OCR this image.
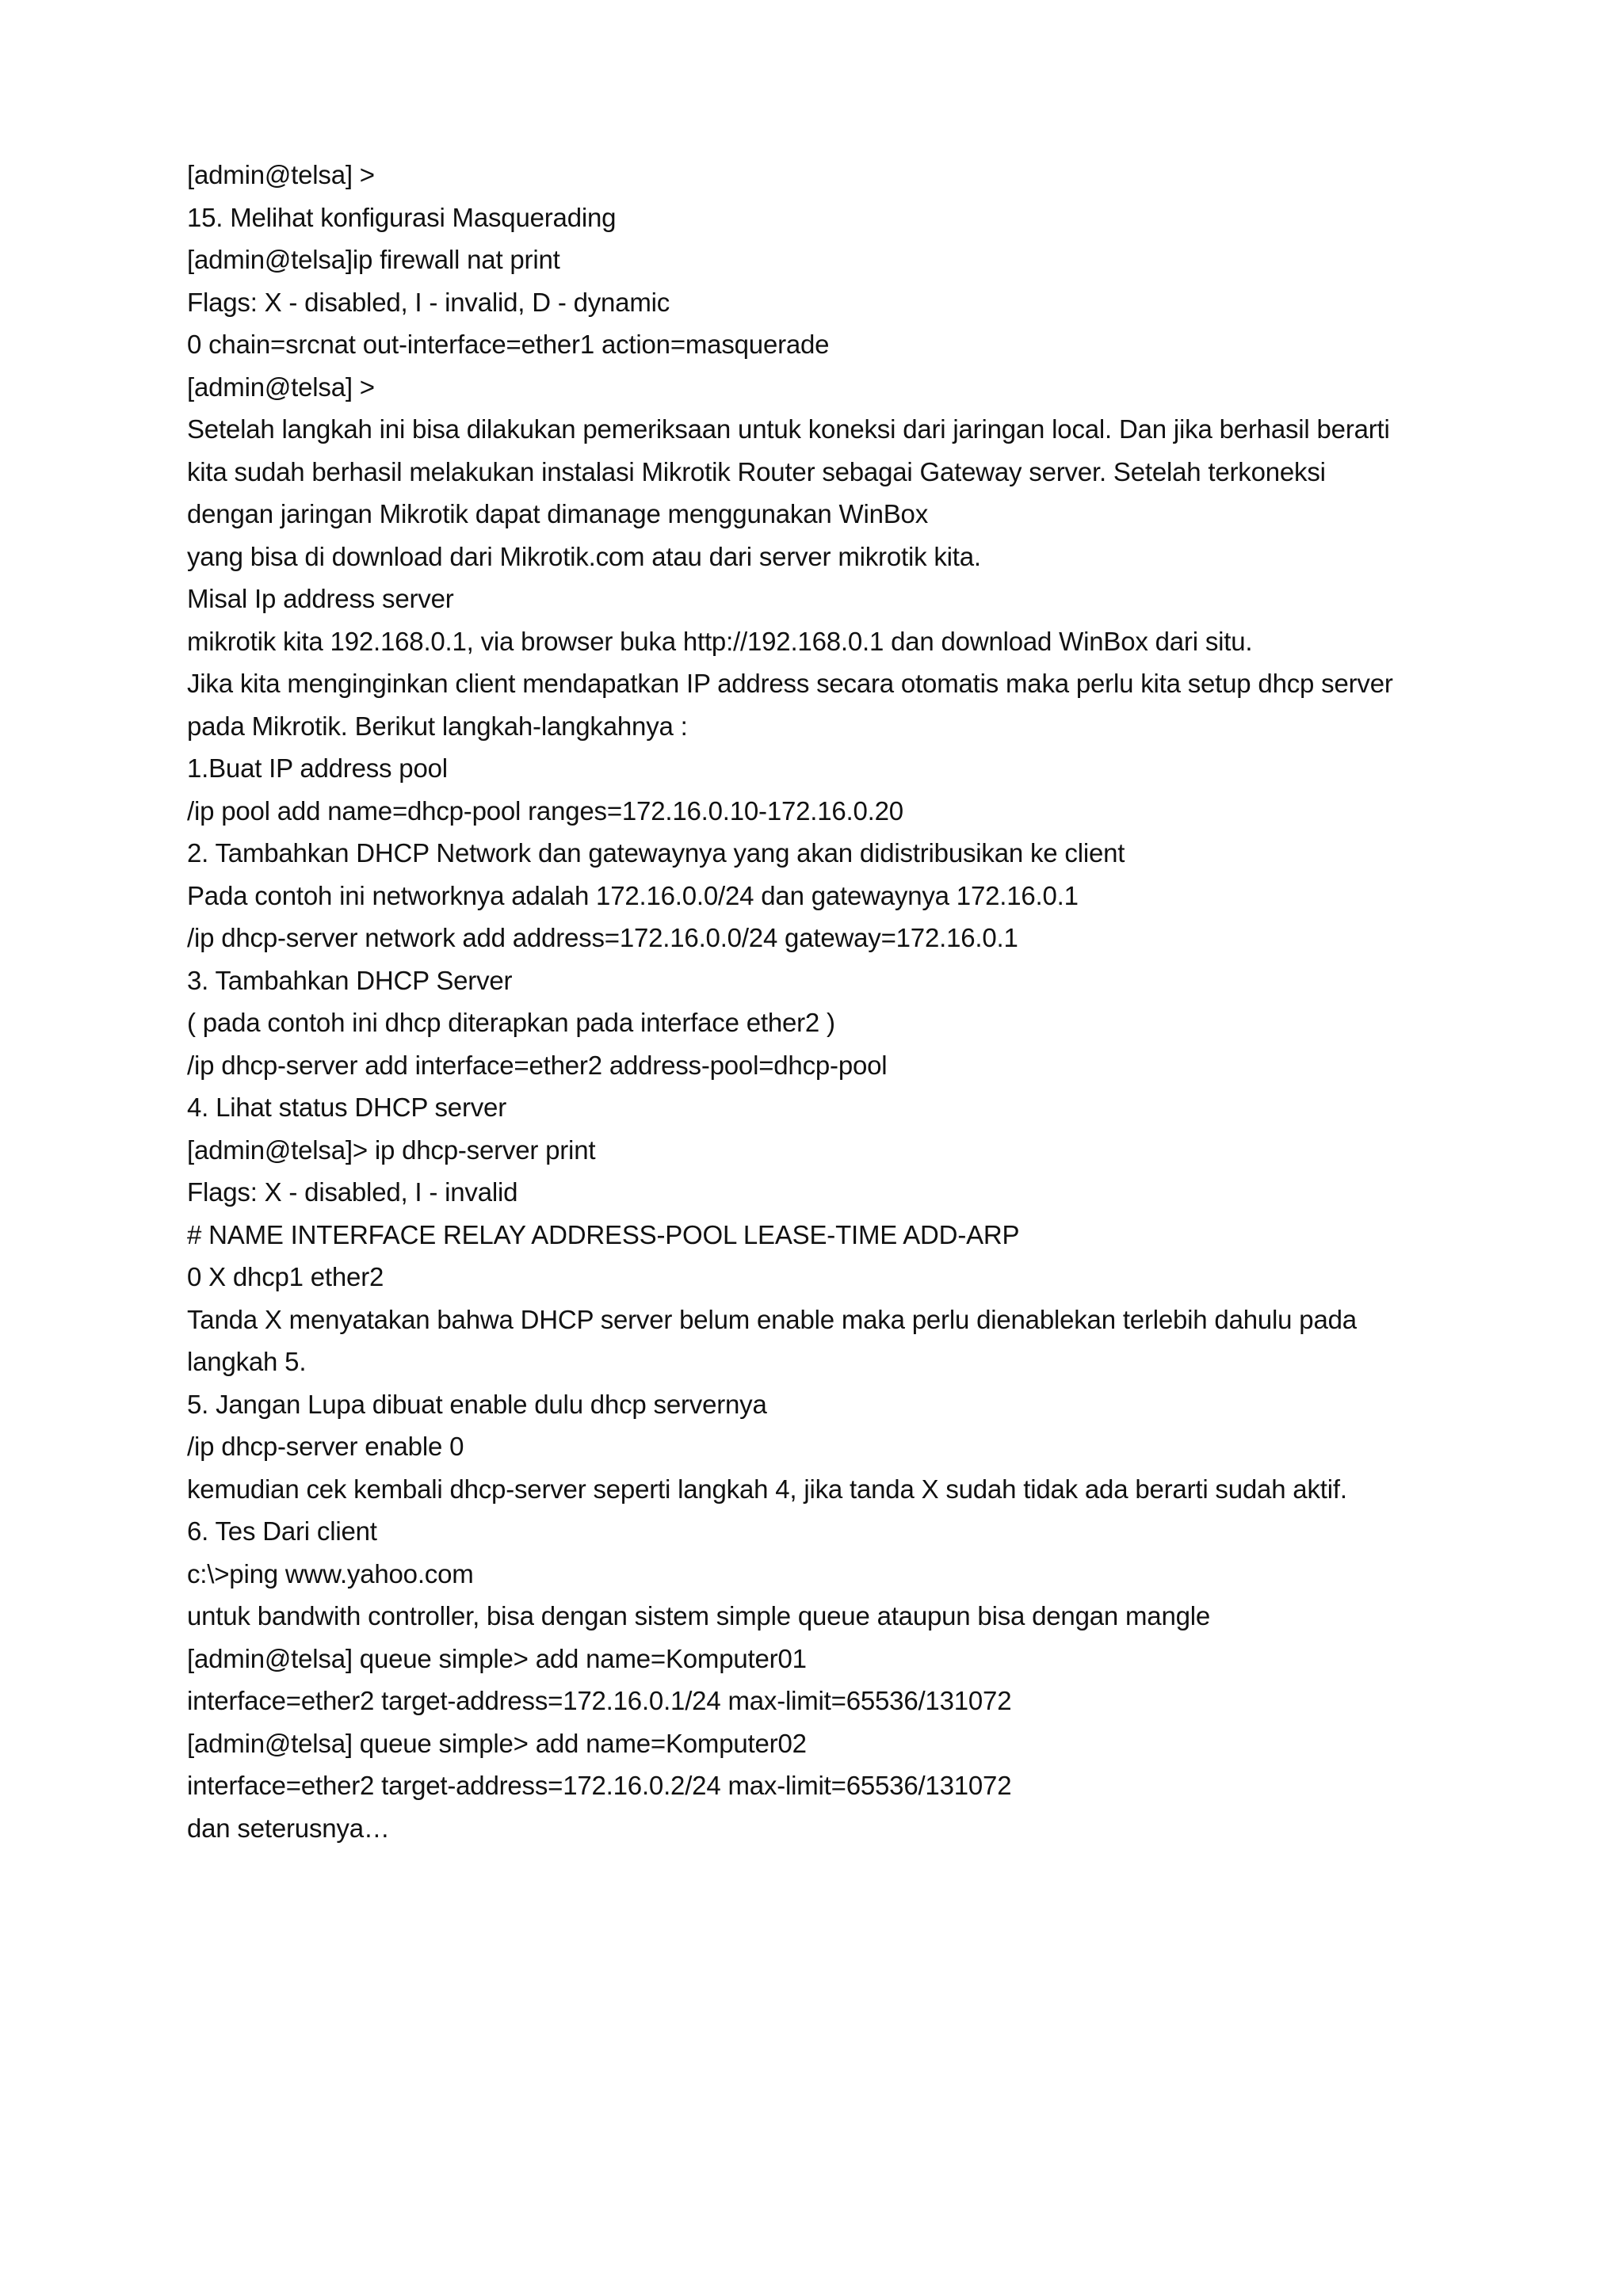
[admin@telsa] >

15. Melihat konfigurasi Masquerading

[admin@telsa]ip firewall nat print

Flags: X - disabled, I - invalid, D - dynamic

0 chain=srcnat out-interface=ether1 action=masquerade

[admin@telsa] >

Setelah langkah ini bisa dilakukan pemeriksaan untuk koneksi dari jaringan local. Dan jika berhasil berarti

kita sudah berhasil melakukan instalasi Mikrotik Router sebagai Gateway server. Setelah terkoneksi

dengan jaringan Mikrotik dapat dimanage menggunakan WinBox

yang bisa di download dari Mikrotik.com atau dari server mikrotik kita.

Misal Ip address server

mikrotik kita 192.168.0.1, via browser buka http://192.168.0.1 dan download WinBox dari situ.

Jika kita menginginkan client mendapatkan IP address secara otomatis maka perlu kita setup dhcp server

pada Mikrotik. Berikut langkah-langkahnya :

1.Buat IP address pool

/ip pool add name=dhcp-pool ranges=172.16.0.10-172.16.0.20

2. Tambahkan DHCP Network dan gatewaynya yang akan didistribusikan ke client

Pada contoh ini networknya adalah 172.16.0.0/24 dan gatewaynya 172.16.0.1

/ip dhcp-server network add address=172.16.0.0/24 gateway=172.16.0.1

3. Tambahkan DHCP Server

( pada contoh ini dhcp diterapkan pada interface ether2 )

/ip dhcp-server add interface=ether2 address-pool=dhcp-pool

4. Lihat status DHCP server

[admin@telsa]> ip dhcp-server print

Flags: X - disabled, I - invalid

# NAME INTERFACE RELAY ADDRESS-POOL LEASE-TIME ADD-ARP

0 X dhcp1 ether2

Tanda X menyatakan bahwa DHCP server belum enable maka perlu dienablekan terlebih dahulu pada

langkah 5.

5. Jangan Lupa dibuat enable dulu dhcp servernya

/ip dhcp-server enable 0

kemudian cek kembali dhcp-server seperti langkah 4, jika tanda X sudah tidak ada berarti sudah aktif.

6. Tes Dari client

c:\>ping www.yahoo.com

untuk bandwith controller, bisa dengan sistem simple queue ataupun bisa dengan mangle

[admin@telsa] queue simple> add name=Komputer01

interface=ether2 target-address=172.16.0.1/24 max-limit=65536/131072

[admin@telsa] queue simple> add name=Komputer02

interface=ether2 target-address=172.16.0.2/24 max-limit=65536/131072

dan seterusnya…
